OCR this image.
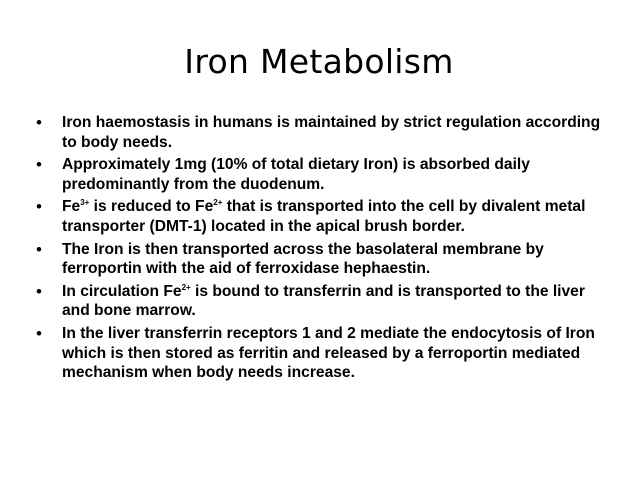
Iron Metabolism
• Iron haemostasis in humans is maintained by strict regulation according to body needs.
• Approximately 1mg (10% of total dietary Iron) is absorbed daily predominantly from the duodenum.
• $Fe^{3+}$ is reduced to $Fe^{2+}$ that is transported into the cell by divalent metal transporter (DMT-1) located in the apical brush border.
• The Iron is then transported across the basolateral membrane by ferroportin with the aid of ferroxidase hephaestin.
• In circulation $Fe^{2+}$ is bound to transferrin and is transported to the liver and bone marrow.
• In the liver transferrin receptors 1 and 2 mediate the endocytosis of Iron which is then stored as ferritin and released by a ferroportin mediated mechanism when body needs increase.
